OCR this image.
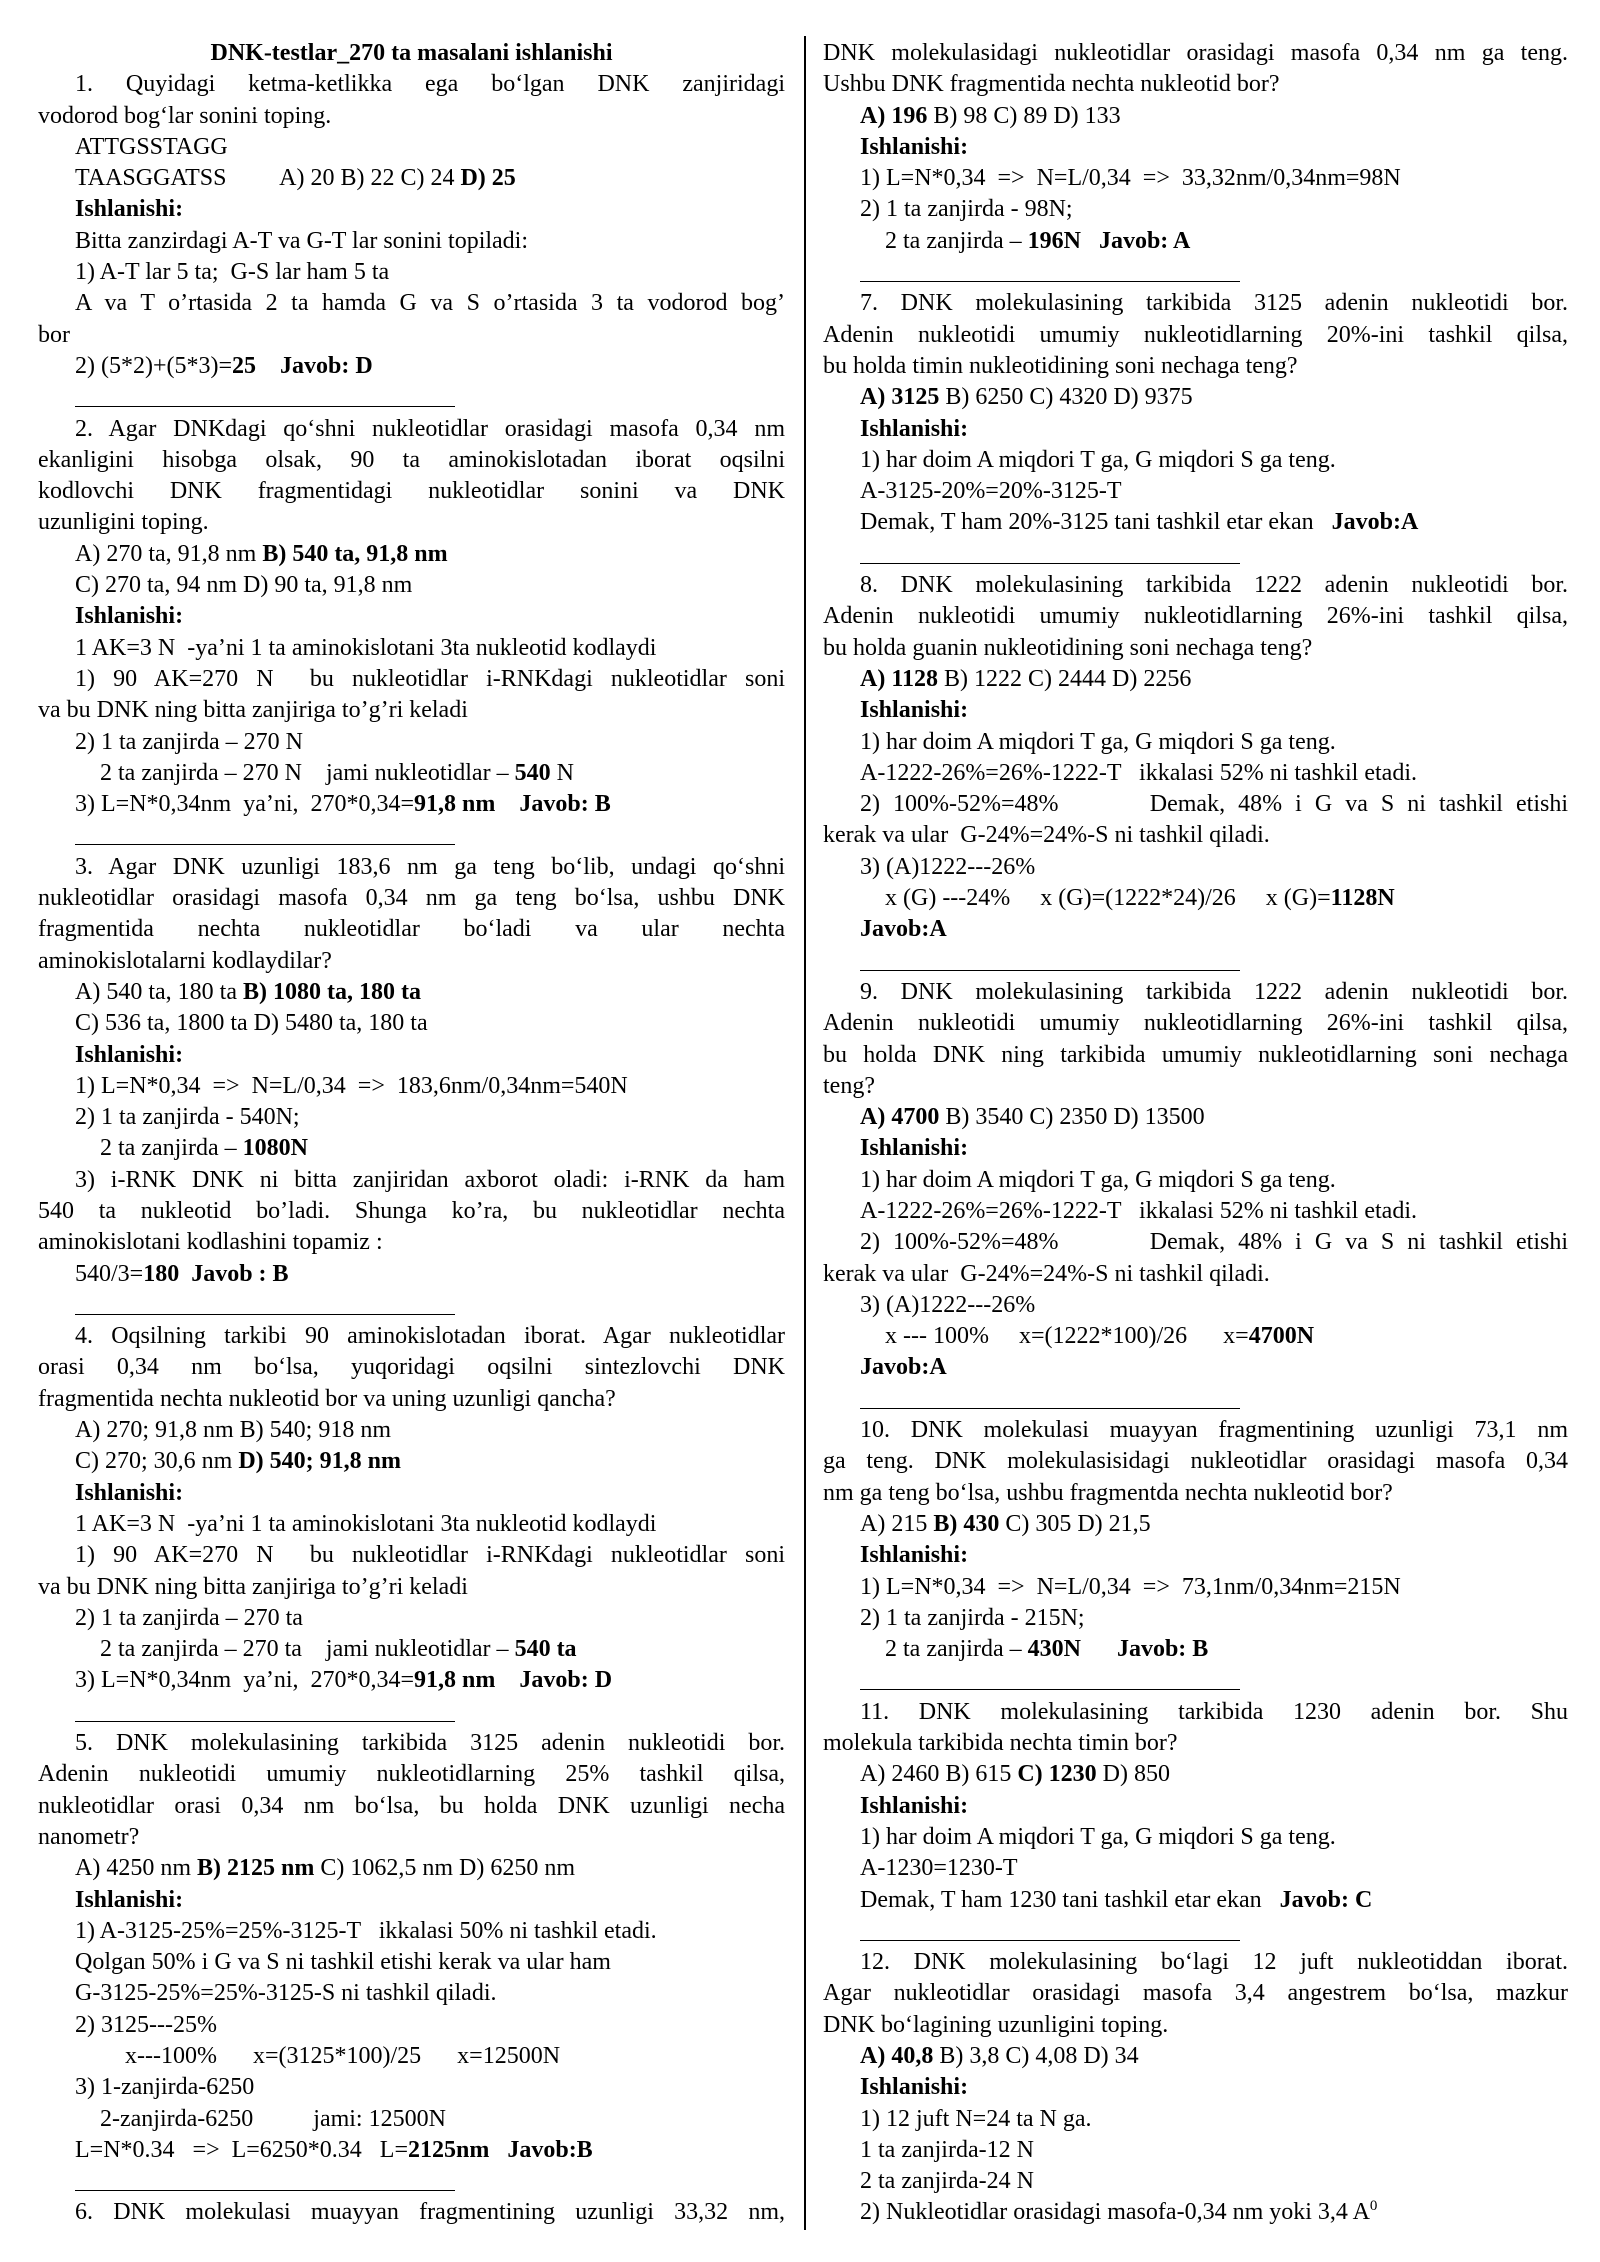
DNK-testlar_270 ta masalani ishlanishi
1. Quyidagi ketma-ketlikka ega bo‘lgan DNK zanjiridagi
vodorod bog‘lar sonini toping.
ATTGSSTAGG
TAASGGATSS         A) 20 B) 22 C) 24 D) 25
Ishlanishi:
Bitta zanzirdagi A-T va G-T lar sonini topiladi:
1) A-T lar 5 ta;  G-S lar ham 5 ta
A va T o’rtasida 2 ta hamda G va S o’rtasida 3 ta vodorod bog’
bor
2) (5*2)+(5*3)=25    Javob: D
2. Agar DNKdagi qo‘shni nukleotidlar orasidagi masofa 0,34 nm
ekanligini hisobga olsak, 90 ta aminokislotadan iborat oqsilni
kodlovchi DNK fragmentidagi nukleotidlar sonini va DNK
uzunligini toping.
A) 270 ta, 91,8 nm B) 540 ta, 91,8 nm
C) 270 ta, 94 nm D) 90 ta, 91,8 nm
Ishlanishi:
1 AK=3 N  -ya’ni 1 ta aminokislotani 3ta nukleotid kodlaydi
1) 90 AK=270 N  bu nukleotidlar i-RNKdagi nukleotidlar soni
va bu DNK ning bitta zanjiriga to’g’ri keladi
2) 1 ta zanjirda – 270 N
2 ta zanjirda – 270 N    jami nukleotidlar – 540 N
3) L=N*0,34nm  ya’ni,  270*0,34=91,8 nm    Javob: B
3. Agar DNK uzunligi 183,6 nm ga teng bo‘lib, undagi qo‘shni
nukleotidlar orasidagi masofa 0,34 nm ga teng bo‘lsa, ushbu DNK
fragmentida nechta nukleotidlar bo‘ladi va ular nechta
aminokislotalarni kodlaydilar?
A) 540 ta, 180 ta B) 1080 ta, 180 ta
C) 536 ta, 1800 ta D) 5480 ta, 180 ta
Ishlanishi:
1) L=N*0,34  =>  N=L/0,34  =>  183,6nm/0,34nm=540N
2) 1 ta zanjirda - 540N;
2 ta zanjirda – 1080N
3) i-RNK DNK ni bitta zanjiridan axborot oladi: i-RNK da ham
540 ta nukleotid bo’ladi. Shunga ko’ra, bu nukleotidlar nechta
aminokislotani kodlashini topamiz :
540/3=180  Javob : B
4. Oqsilning tarkibi 90 aminokislotadan iborat. Agar nukleotidlar
orasi 0,34 nm bo‘lsa, yuqoridagi oqsilni sintezlovchi DNK
fragmentida nechta nukleotid bor va uning uzunligi qancha?
A) 270; 91,8 nm B) 540; 918 nm
C) 270; 30,6 nm D) 540; 91,8 nm
Ishlanishi:
1 AK=3 N  -ya’ni 1 ta aminokislotani 3ta nukleotid kodlaydi
1) 90 AK=270 N  bu nukleotidlar i-RNKdagi nukleotidlar soni
va bu DNK ning bitta zanjiriga to’g’ri keladi
2) 1 ta zanjirda – 270 ta
2 ta zanjirda – 270 ta    jami nukleotidlar – 540 ta
3) L=N*0,34nm  ya’ni,  270*0,34=91,8 nm    Javob: D
5. DNK molekulasining tarkibida 3125 adenin nukleotidi bor.
Adenin nukleotidi umumiy nukleotidlarning 25% tashkil qilsa,
nukleotidlar orasi 0,34 nm bo‘lsa, bu holda DNK uzunligi necha
nanometr?
A) 4250 nm B) 2125 nm C) 1062,5 nm D) 6250 nm
Ishlanishi:
1) A-3125-25%=25%-3125-T   ikkalasi 50% ni tashkil etadi.
Qolgan 50% i G va S ni tashkil etishi kerak va ular ham
G-3125-25%=25%-3125-S ni tashkil qiladi.
2) 3125---25%
x---100%      x=(3125*100)/25      x=12500N
3) 1-zanjirda-6250
2-zanjirda-6250          jami: 12500N
L=N*0.34   =>  L=6250*0.34   L=2125nm   Javob:B
6. DNK molekulasi muayyan fragmentining uzunligi 33,32 nm,
DNK molekulasidagi nukleotidlar orasidagi masofa 0,34 nm ga teng.
Ushbu DNK fragmentida nechta nukleotid bor?
A) 196 B) 98 C) 89 D) 133
Ishlanishi:
1) L=N*0,34  =>  N=L/0,34  =>  33,32nm/0,34nm=98N
2) 1 ta zanjirda - 98N;
2 ta zanjirda – 196N   Javob: A
7. DNK molekulasining tarkibida 3125 adenin nukleotidi bor.
Adenin nukleotidi umumiy nukleotidlarning 20%-ini tashkil qilsa,
bu holda timin nukleotidining soni nechaga teng?
A) 3125 B) 6250 C) 4320 D) 9375
Ishlanishi:
1) har doim A miqdori T ga, G miqdori S ga teng.
A-3125-20%=20%-3125-T
Demak, T ham 20%-3125 tani tashkil etar ekan   Javob:A
8. DNK molekulasining tarkibida 1222 adenin nukleotidi bor.
Adenin nukleotidi umumiy nukleotidlarning 26%-ini tashkil qilsa,
bu holda guanin nukleotidining soni nechaga teng?
A) 1128 B) 1222 C) 2444 D) 2256
Ishlanishi:
1) har doim A miqdori T ga, G miqdori S ga teng.
A-1222-26%=26%-1222-T   ikkalasi 52% ni tashkil etadi.
2) 100%-52%=48%       Demak, 48% i G va S ni tashkil etishi
kerak va ular  G-24%=24%-S ni tashkil qiladi.
3) (A)1222---26%
x (G) ---24%     x (G)=(1222*24)/26     x (G)=1128N
Javob:A
9. DNK molekulasining tarkibida 1222 adenin nukleotidi bor.
Adenin nukleotidi umumiy nukleotidlarning 26%-ini tashkil qilsa,
bu holda DNK ning tarkibida umumiy nukleotidlarning soni nechaga
teng?
A) 4700 B) 3540 C) 2350 D) 13500
Ishlanishi:
1) har doim A miqdori T ga, G miqdori S ga teng.
A-1222-26%=26%-1222-T   ikkalasi 52% ni tashkil etadi.
2) 100%-52%=48%       Demak, 48% i G va S ni tashkil etishi
kerak va ular  G-24%=24%-S ni tashkil qiladi.
3) (A)1222---26%
x --- 100%     x=(1222*100)/26      x=4700N
Javob:A
10. DNK molekulasi muayyan fragmentining uzunligi 73,1 nm
ga teng. DNK molekulasisidagi nukleotidlar orasidagi masofa 0,34
nm ga teng bo‘lsa, ushbu fragmentda nechta nukleotid bor?
A) 215 B) 430 C) 305 D) 21,5
Ishlanishi:
1) L=N*0,34  =>  N=L/0,34  =>  73,1nm/0,34nm=215N
2) 1 ta zanjirda - 215N;
2 ta zanjirda – 430N      Javob: B
11. DNK molekulasining tarkibida 1230 adenin bor. Shu
molekula tarkibida nechta timin bor?
A) 2460 B) 615 C) 1230 D) 850
Ishlanishi:
1) har doim A miqdori T ga, G miqdori S ga teng.
A-1230=1230-T
Demak, T ham 1230 tani tashkil etar ekan   Javob: C
12. DNK molekulasining bo‘lagi 12 juft nukleotiddan iborat.
Agar nukleotidlar orasidagi masofa 3,4 angestrem bo‘lsa, mazkur
DNK bo‘lagining uzunligini toping.
A) 40,8 B) 3,8 C) 4,08 D) 34
Ishlanishi:
1) 12 juft N=24 ta N ga.
1 ta zanjirda-12 N
2 ta zanjirda-24 N
2) Nukleotidlar orasidagi masofa-0,34 nm yoki 3,4 $A^0$
